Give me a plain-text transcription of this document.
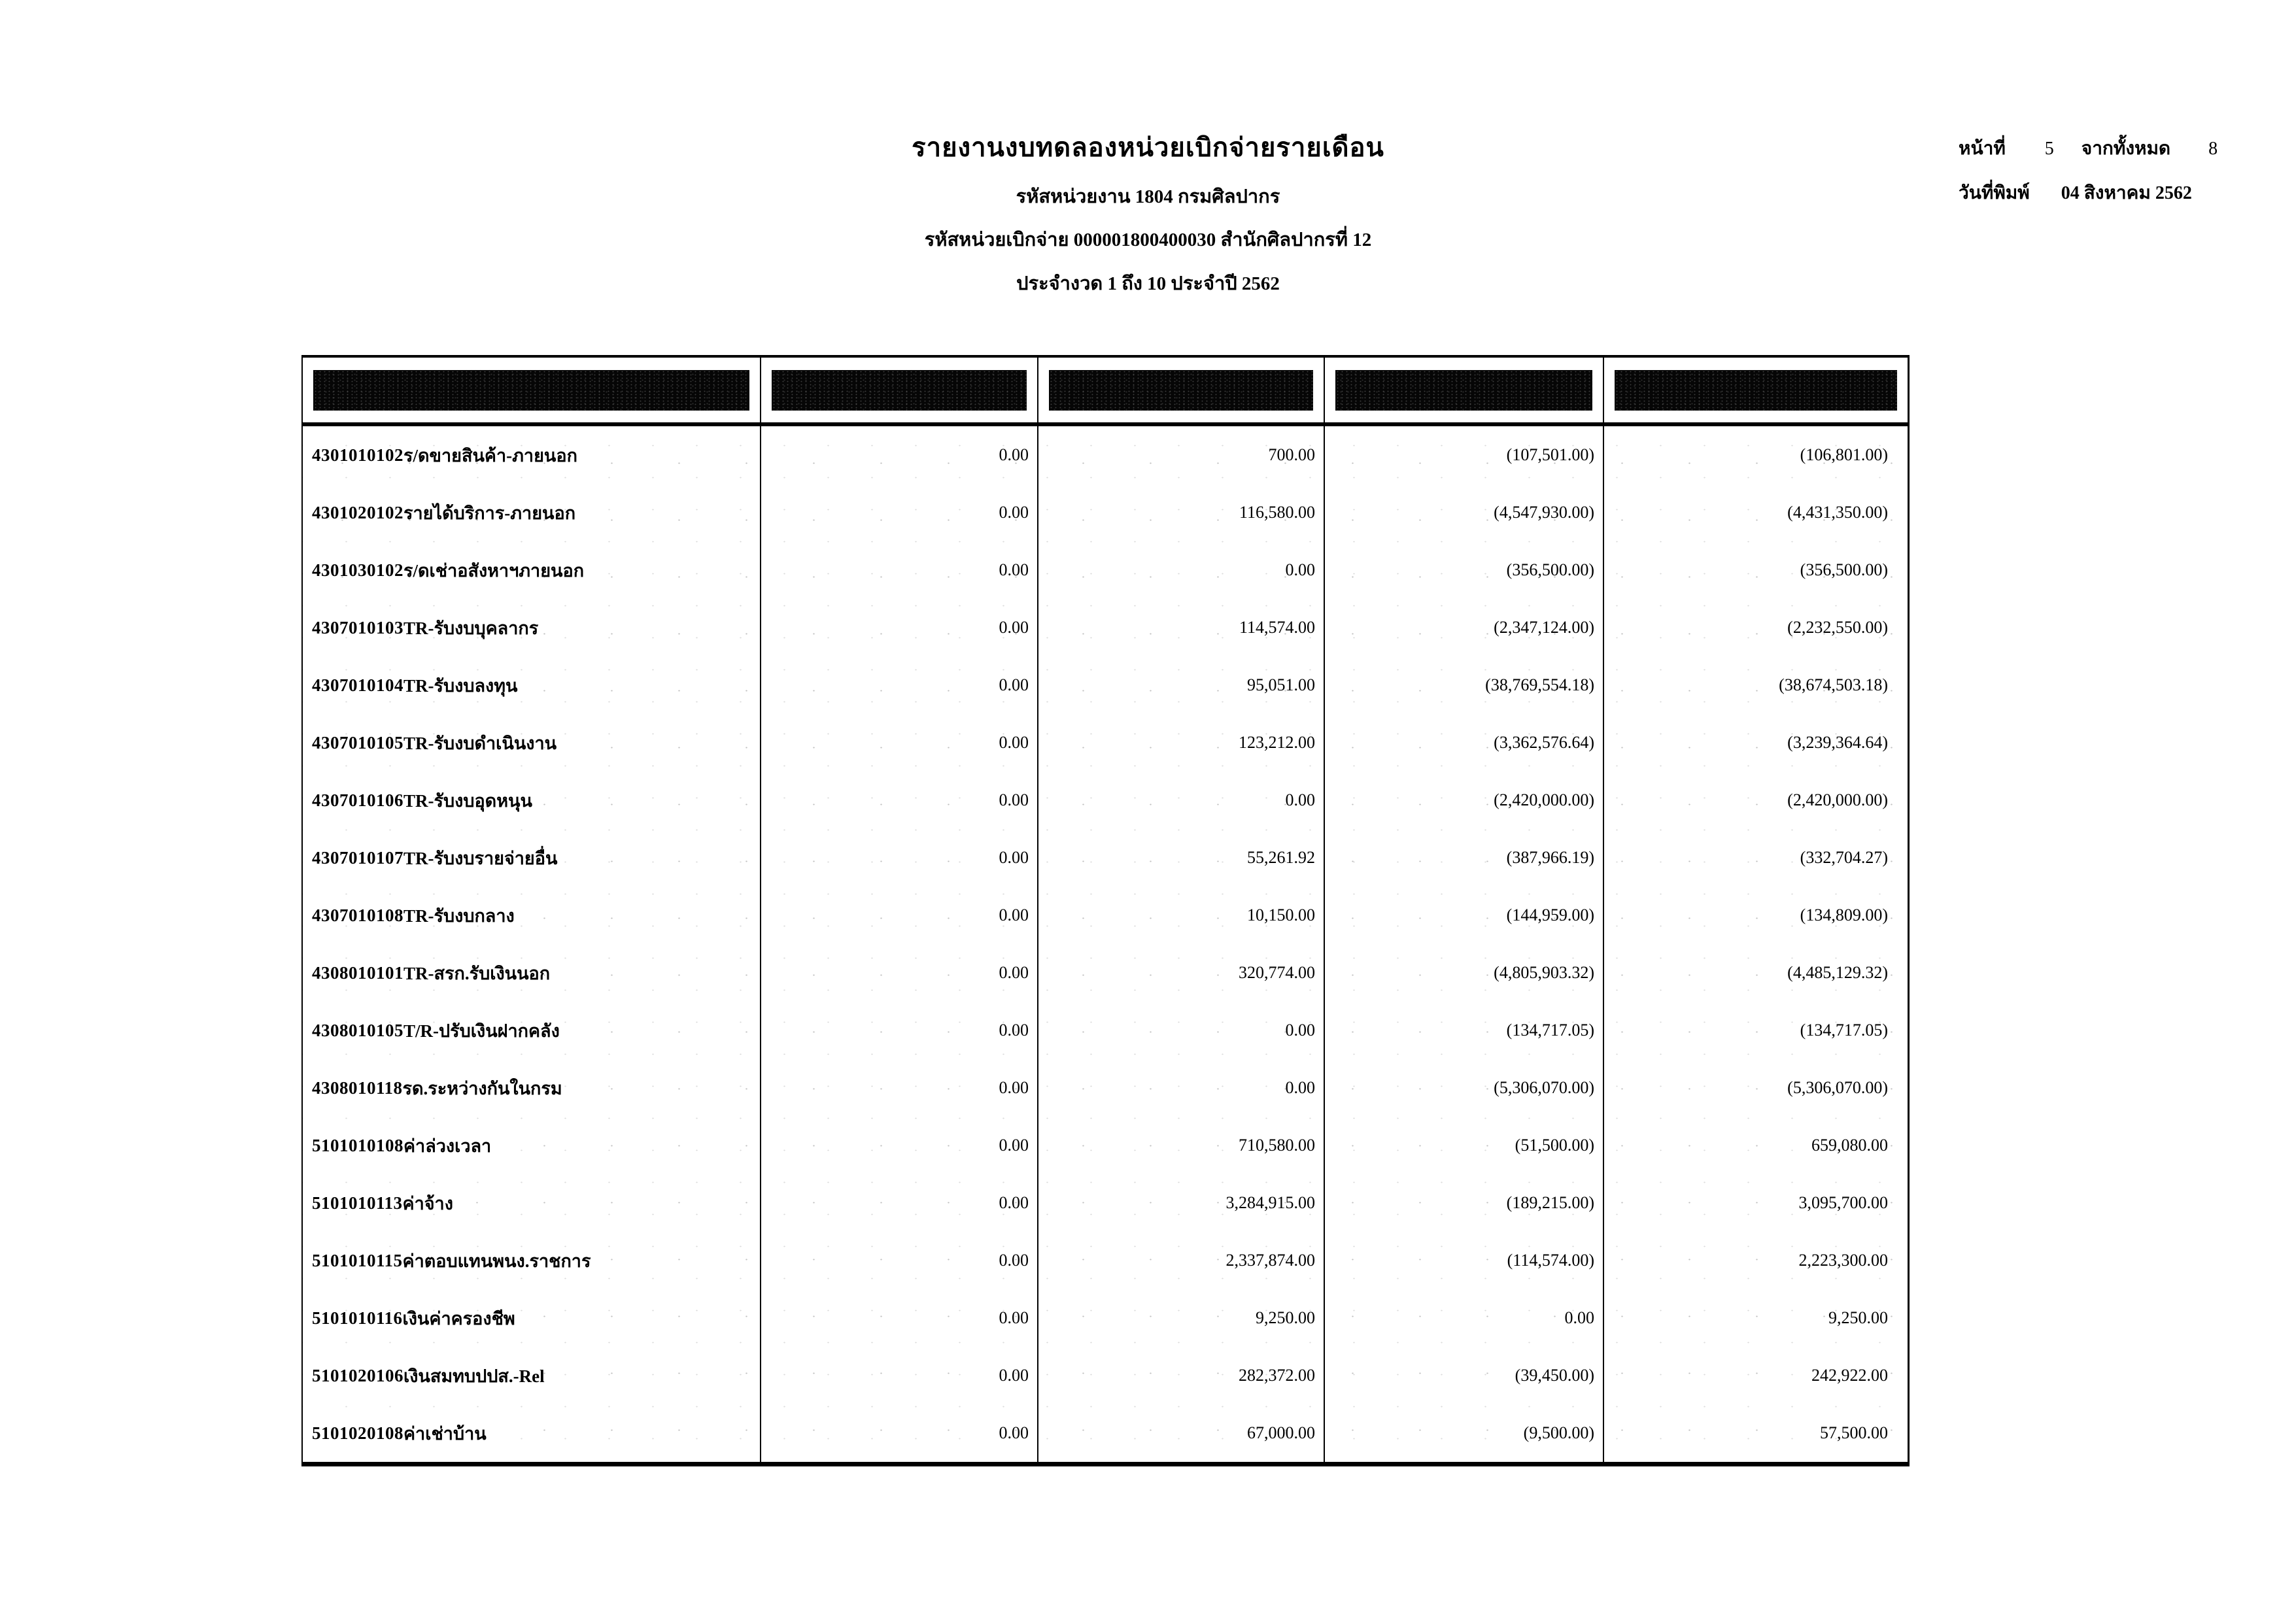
รายงานงบทดลองหน่วยเบิกจ่ายรายเดือน
รหัสหน่วยงาน 1804 กรมศิลปากร
รหัสหน่วยเบิกจ่าย 000001800400030 สำนักศิลปากรที่ 12
ประจำงวด 1 ถึง 10 ประจำปี 2562
หน้าที่ 5 จากทั้งหมด 8
วันที่พิมพ์ 04 สิงหาคม 2562
4301010102 ร/ดขายสินค้า-ภายนอก	0.00	700.00	(107,501.00)	(106,801.00)
4301020102 รายได้บริการ-ภายนอก	0.00	116,580.00	(4,547,930.00)	(4,431,350.00)
4301030102 ร/ดเช่าอสังหาฯภายนอก	0.00	0.00	(356,500.00)	(356,500.00)
4307010103 TR-รับงบบุคลากร	0.00	114,574.00	(2,347,124.00)	(2,232,550.00)
4307010104 TR-รับงบลงทุน	0.00	95,051.00	(38,769,554.18)	(38,674,503.18)
4307010105 TR-รับงบดำเนินงาน	0.00	123,212.00	(3,362,576.64)	(3,239,364.64)
4307010106 TR-รับงบอุดหนุน	0.00	0.00	(2,420,000.00)	(2,420,000.00)
4307010107 TR-รับงบรายจ่ายอื่น	0.00	55,261.92	(387,966.19)	(332,704.27)
4307010108 TR-รับงบกลาง	0.00	10,150.00	(144,959.00)	(134,809.00)
4308010101 TR-สรก.รับเงินนอก	0.00	320,774.00	(4,805,903.32)	(4,485,129.32)
4308010105 T/R-ปรับเงินฝากคลัง	0.00	0.00	(134,717.05)	(134,717.05)
4308010118 รด.ระหว่างกันในกรม	0.00	0.00	(5,306,070.00)	(5,306,070.00)
5101010108 ค่าล่วงเวลา	0.00	710,580.00	(51,500.00)	659,080.00
5101010113 ค่าจ้าง	0.00	3,284,915.00	(189,215.00)	3,095,700.00
5101010115 ค่าตอบแทนพนง.ราชการ	0.00	2,337,874.00	(114,574.00)	2,223,300.00
5101010116 เงินค่าครองชีพ	0.00	9,250.00	0.00	9,250.00
5101020106 เงินสมทบปปส.-Rel	0.00	282,372.00	(39,450.00)	242,922.00
5101020108 ค่าเช่าบ้าน	0.00	67,000.00	(9,500.00)	57,500.00
